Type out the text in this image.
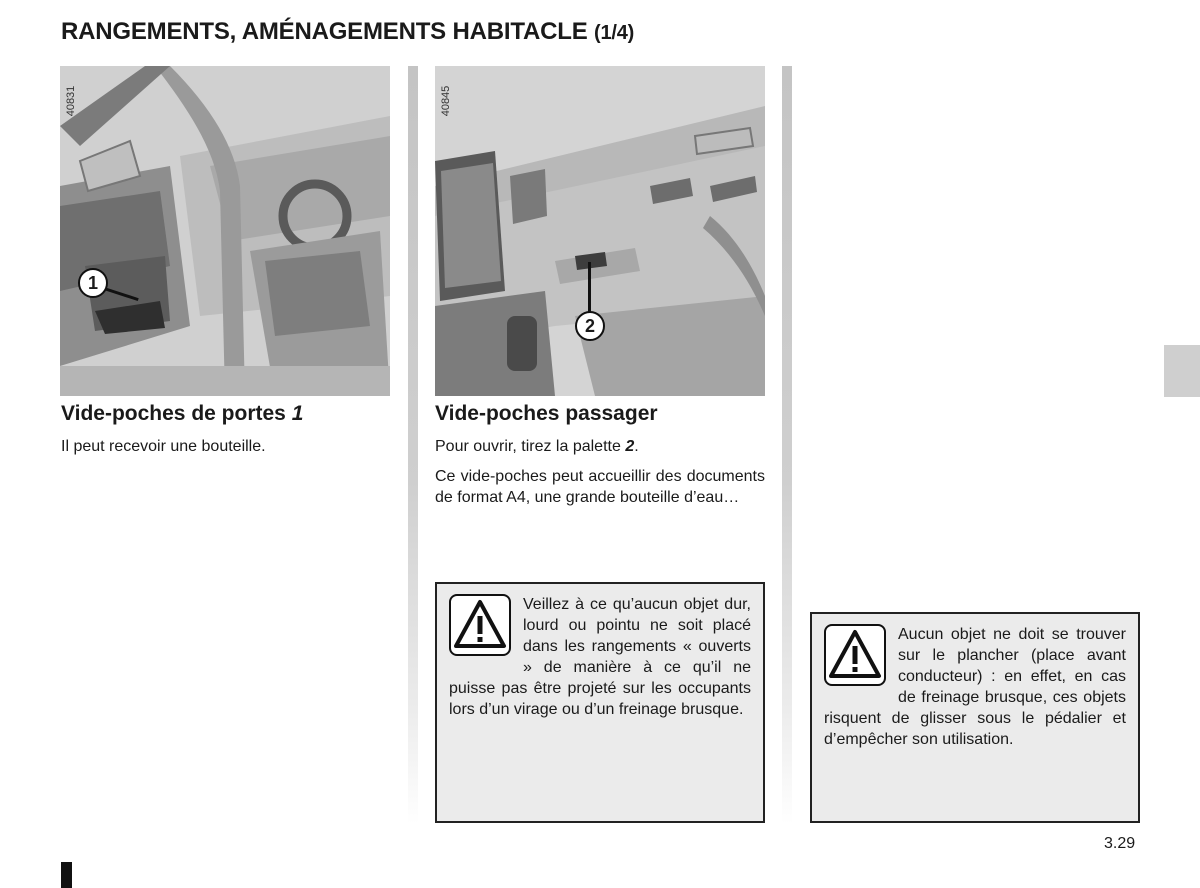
RANGEMENTS, AMÉNAGEMENTS HABITACLE (1/4)
40831
1
Vide-poches de portes 1

Il peut recevoir une bouteille.

40845
2
Vide-poches passager

Pour ouvrir, tirez la palette 2.

Ce vide-poches peut accueillir des documents de format A4, une grande bouteille d’eau…

Veillez à ce qu’aucun objet dur, lourd ou pointu ne soit placé dans les rangements « ouverts » de manière à ce qu’il ne puisse pas être projeté sur les occupants lors d’un virage ou d’un freinage brusque.

Aucun objet ne doit se trouver sur le plancher (place avant conducteur) : en effet, en cas de freinage brusque, ces objets risquent de glisser sous le pédalier et d’empêcher son utilisation.

3.29
